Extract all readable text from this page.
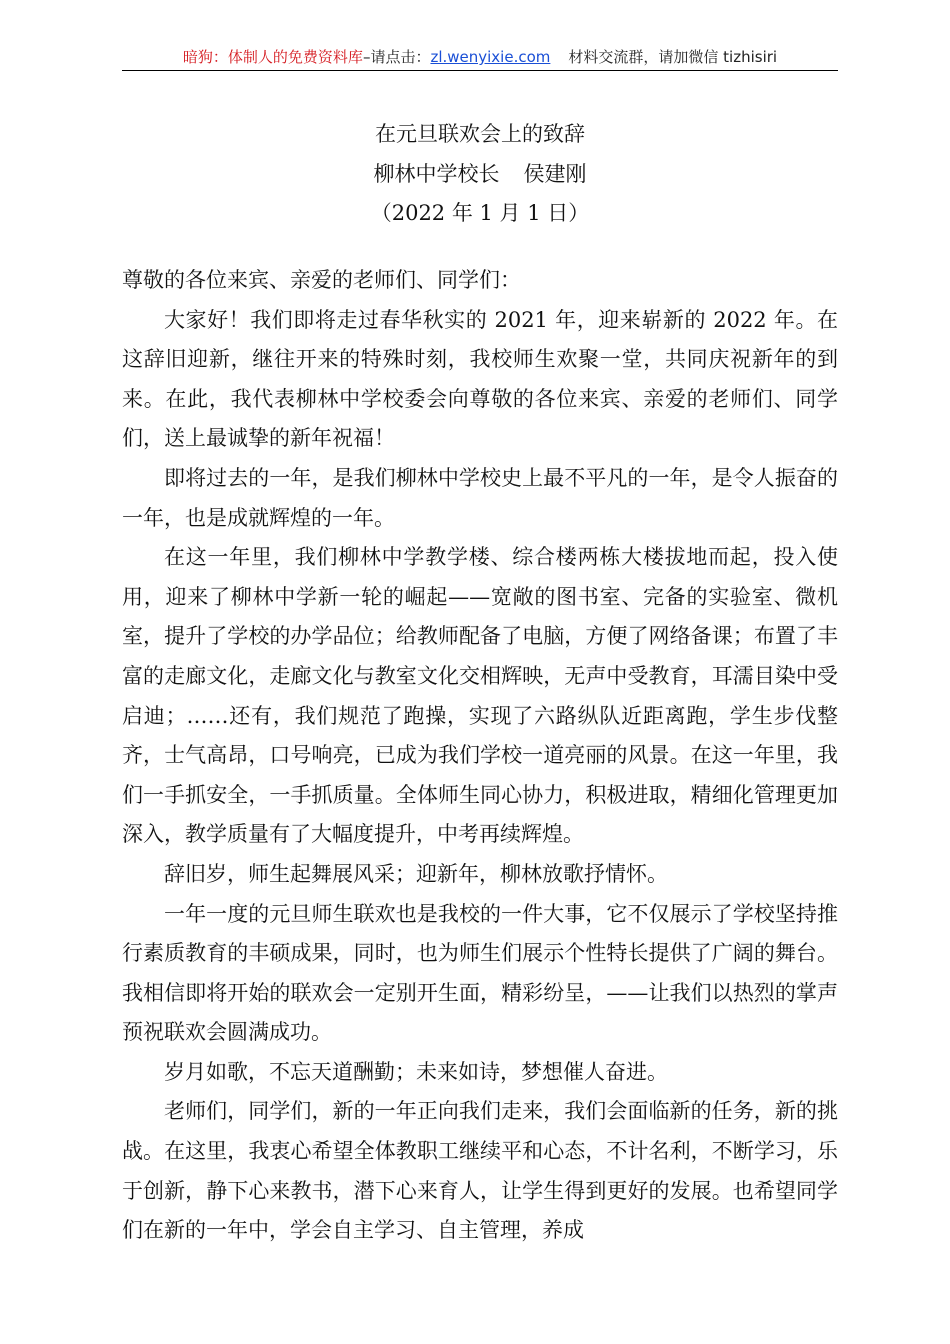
暗狗：体制人的免费资料库–请点击：zl.wenyixie.com 材料交流群，请加微信 tizhisiri
在元旦联欢会上的致辞
柳林中学校长 侯建刚
（2022 年 1 月 1 日）

尊敬的各位来宾、亲爱的老师们、同学们：

大家好！我们即将走过春华秋实的 2021 年，迎来崭新的 2022 年。在这辞旧迎新，继往开来的特殊时刻，我校师生欢聚一堂，共同庆祝新年的到来。在此，我代表柳林中学校委会向尊敬的各位来宾、亲爱的老师们、同学们，送上最诚挚的新年祝福！

即将过去的一年，是我们柳林中学校史上最不平凡的一年，是令人振奋的一年，也是成就辉煌的一年。

在这一年里，我们柳林中学教学楼、综合楼两栋大楼拔地而起，投入使用，迎来了柳林中学新一轮的崛起——宽敞的图书室、完备的实验室、微机室，提升了学校的办学品位；给教师配备了电脑，方便了网络备课；布置了丰富的走廊文化，走廊文化与教室文化交相辉映，无声中受教育，耳濡目染中受启迪；……还有，我们规范了跑操，实现了六路纵队近距离跑，学生步伐整齐，士气高昂，口号响亮，已成为我们学校一道亮丽的风景。在这一年里，我们一手抓安全，一手抓质量。全体师生同心协力，积极进取，精细化管理更加深入，教学质量有了大幅度提升，中考再续辉煌。

辞旧岁，师生起舞展风采；迎新年，柳林放歌抒情怀。

一年一度的元旦师生联欢也是我校的一件大事，它不仅展示了学校坚持推行素质教育的丰硕成果，同时，也为师生们展示个性特长提供了广阔的舞台。我相信即将开始的联欢会一定别开生面，精彩纷呈，——让我们以热烈的掌声预祝联欢会圆满成功。

岁月如歌，不忘天道酬勤；未来如诗，梦想催人奋进。

老师们，同学们，新的一年正向我们走来，我们会面临新的任务，新的挑战。在这里，我衷心希望全体教职工继续平和心态，不计名利，不断学习，乐于创新，静下心来教书，潜下心来育人，让学生得到更好的发展。也希望同学们在新的一年中，学会自主学习、自主管理，养成
